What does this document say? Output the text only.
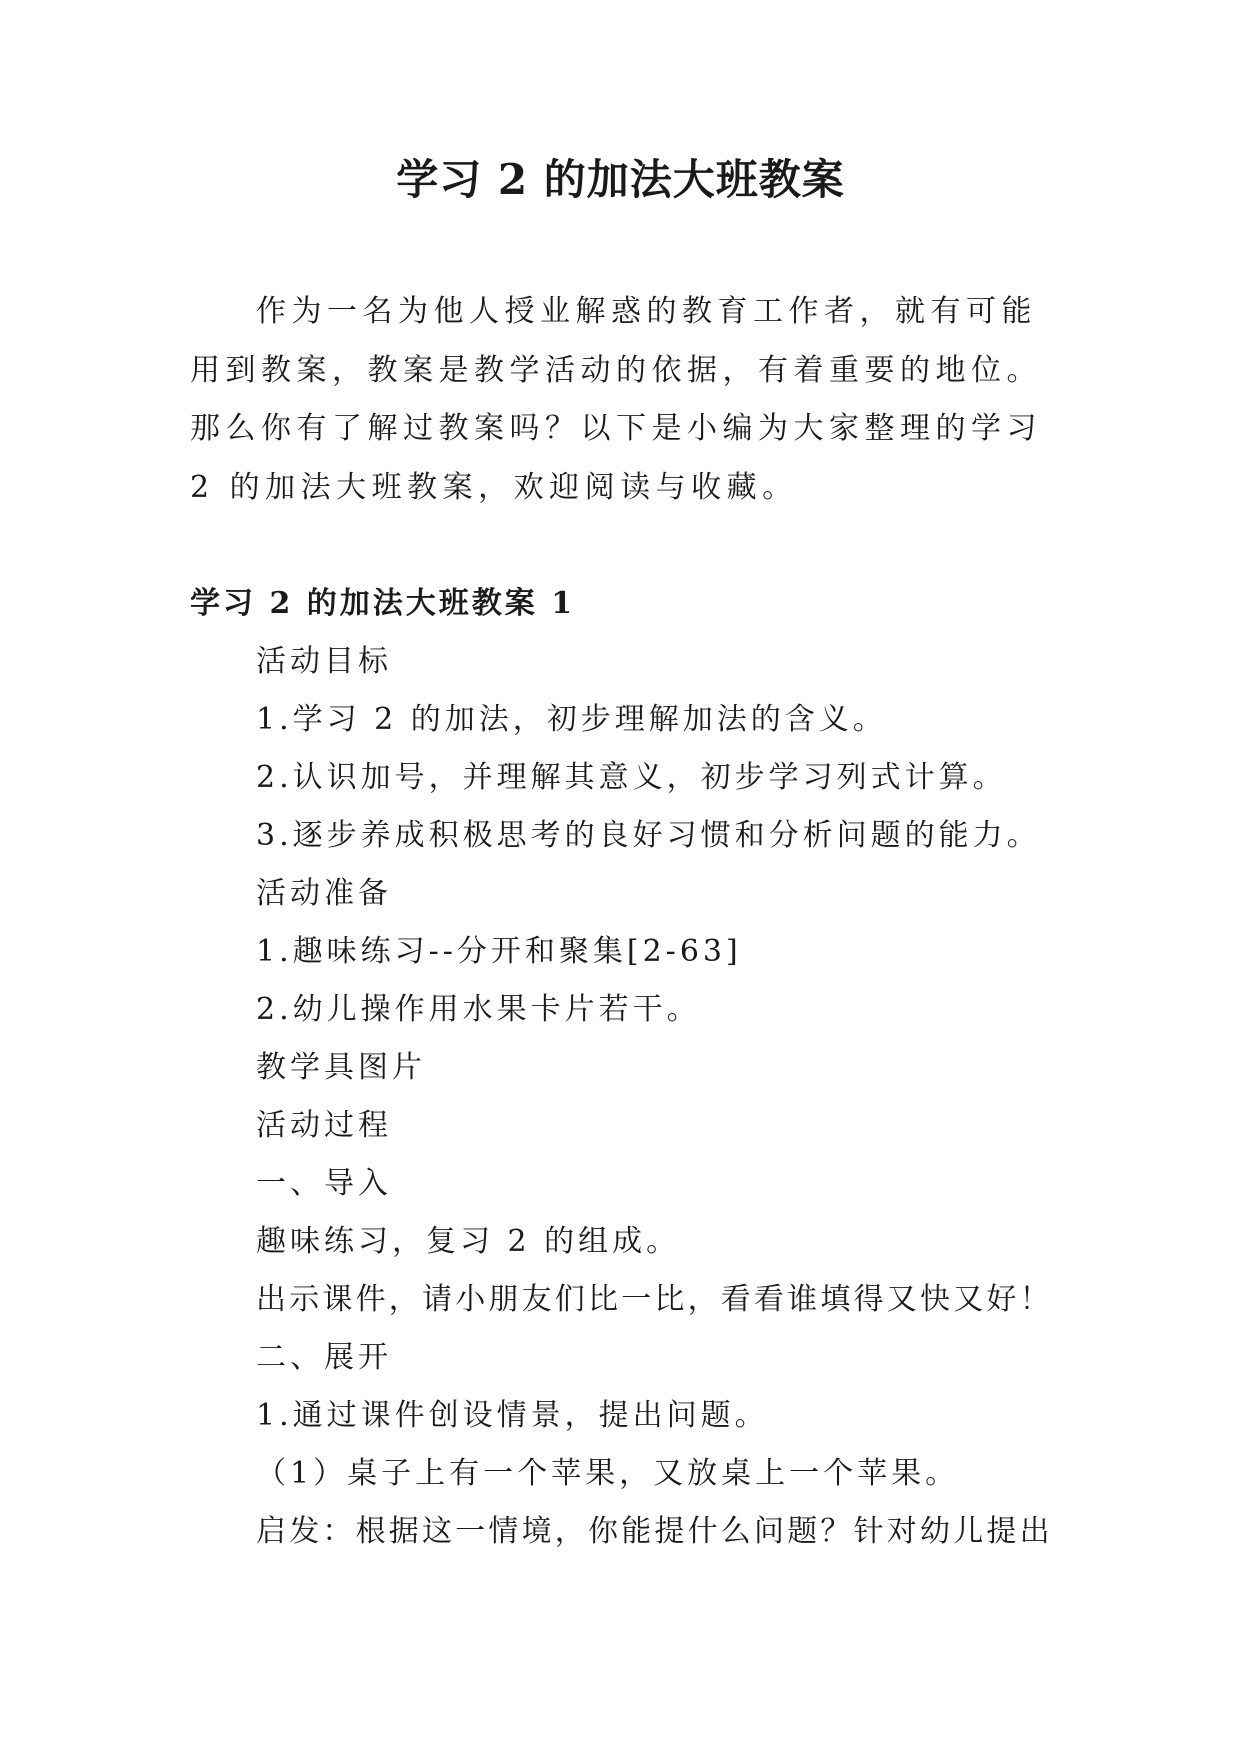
学习 2 的加法大班教案

作为一名为他人授业解惑的教育工作者，就有可能用到教案，教案是教学活动的依据，有着重要的地位。那么你有了解过教案吗？以下是小编为大家整理的学习 2 的加法大班教案，欢迎阅读与收藏。

学习 2 的加法大班教案 1
活动目标
1.学习 2 的加法，初步理解加法的含义。
2.认识加号，并理解其意义，初步学习列式计算。
3.逐步养成积极思考的良好习惯和分析问题的能力。
活动准备
1.趣味练习--分开和聚集[2-63]
2.幼儿操作用水果卡片若干。
教学具图片
活动过程
一、导入
趣味练习，复习 2 的组成。
出示课件，请小朋友们比一比，看看谁填得又快又好！
二、展开
1.通过课件创设情景，提出问题。
（1）桌子上有一个苹果，又放桌上一个苹果。
启发：根据这一情境，你能提什么问题？针对幼儿提出
